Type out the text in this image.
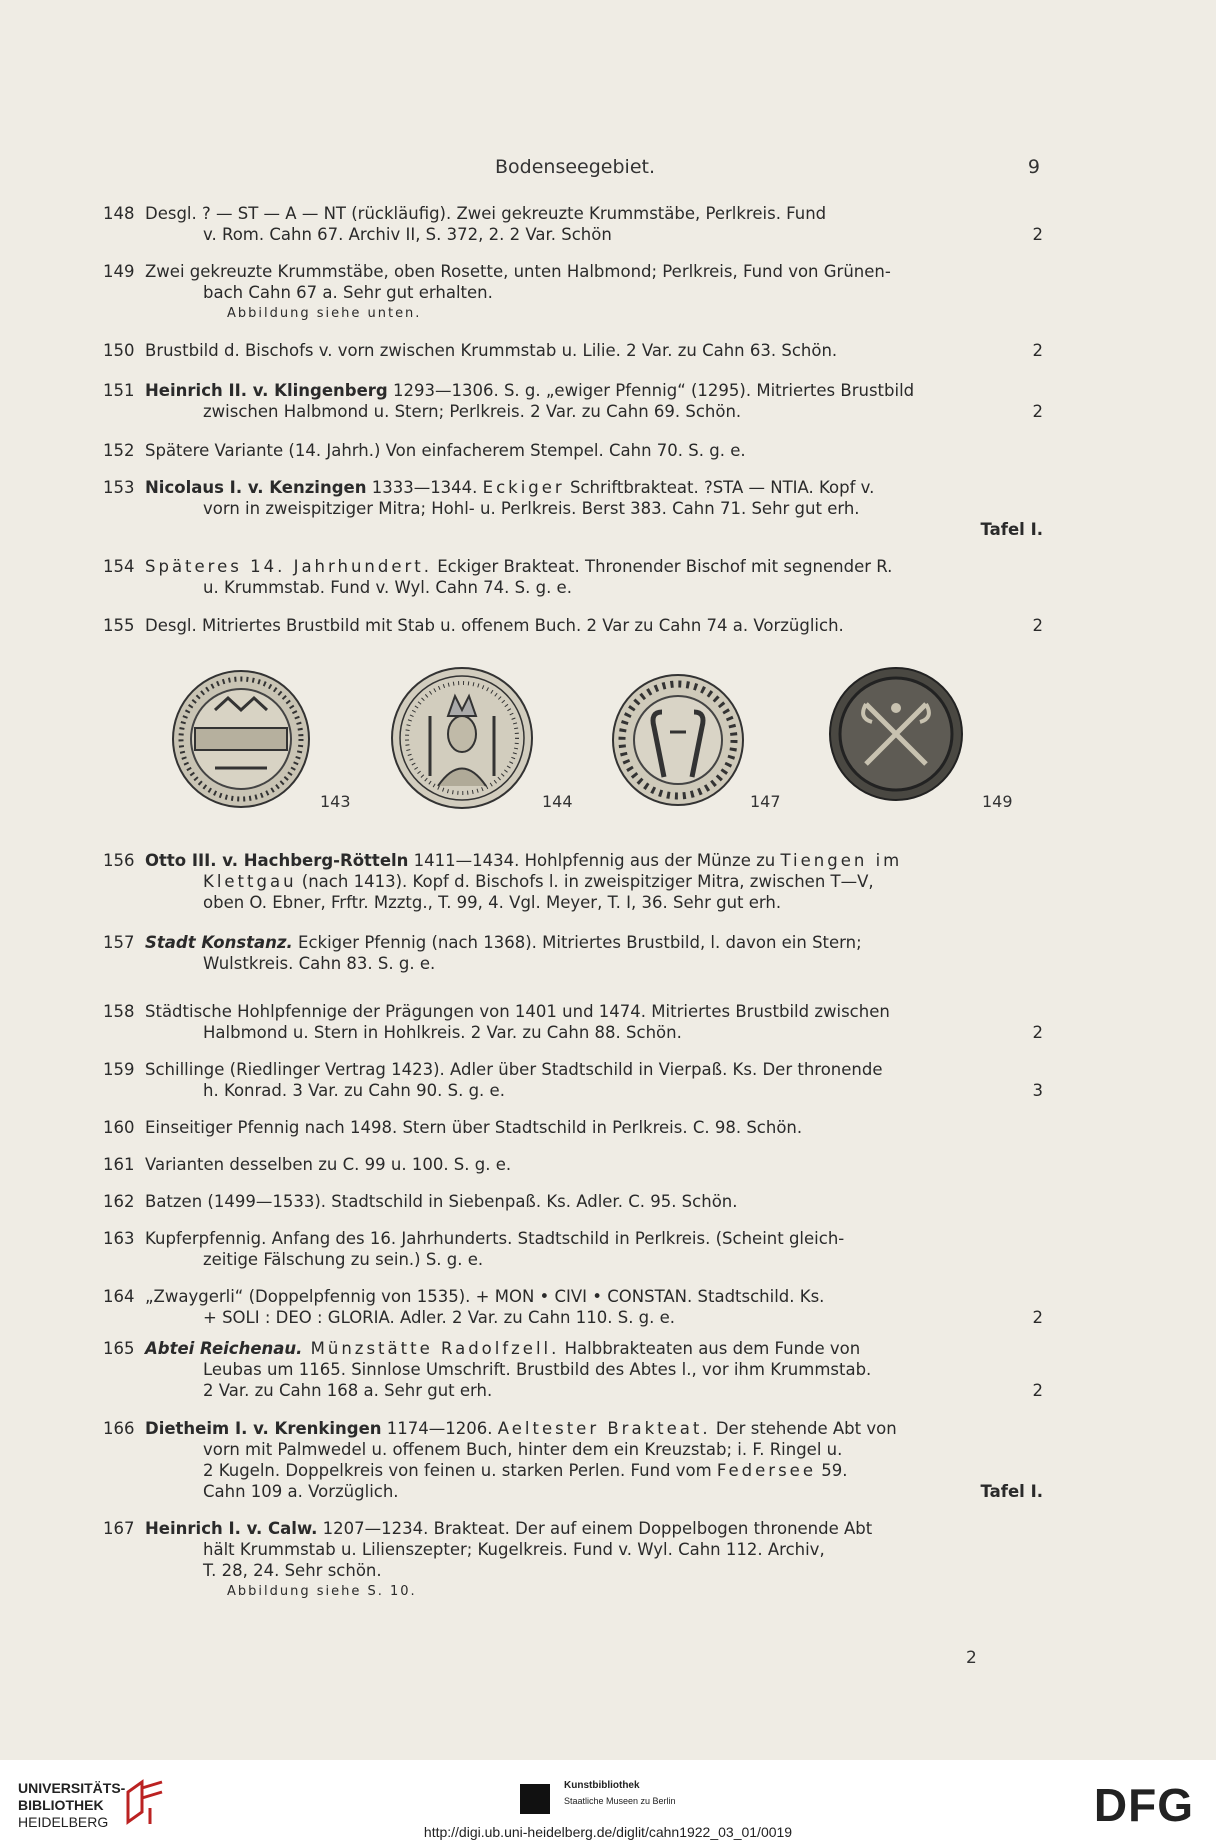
Bodenseegebiet.	9
151 Heinrich II. v. Klingenberg 1293—1306. S. g. „ewiger Pfennig“ (1295). Mitriertes Brustbild
zwischen Halbmond u. Stern; Perlkreis. 2 Var. zu Cahn 69. Schön.	2
152 Spätere Variante (14. Jahrh.) Von einfacherem Stempel. Cahn 70. S. g. e.
153 Nicolaus I. v. Kenzingen 1333—1344. Eckiger Schriftbrakteat. ?STA — NTIA. Kopf v.
vorn in zweispitziger Mitra; Hohl- u. Perlkreis. Berst 383. Cahn 71. Sehr gut erh.
Tafel I.
154 Späteres 14. Jahrhundert. Eckiger Brakteat. Thronender Bischof mit segnender R.
u. Krummstab. Fund v. Wyl. Cahn 74. S. g. e.
155 Desgl. Mitriertes Brustbild mit Stab u. offenem Buch. 2 Var zu Cahn 74 a. Vorzüglich.	2
143	144	147	149
156 Otto III. v. Hachberg-Rötteln 1411—1434. Hohlpfennig aus der Münze zu Tiengen im
Klettgau (nach 1413). Kopf d. Bischofs l. in zweispitziger Mitra, zwischen T—V,
oben O. Ebner, Frftr. Mzztg., T. 99, 4. Vgl. Meyer, T. I, 36. Sehr gut erh.
157 Stadt Konstanz. Eckiger Pfennig (nach 1368). Mitriertes Brustbild, l. davon ein Stern;
Wulstkreis. Cahn 83. S. g. e.
165 Abtei Reichenau. Münzstätte Radolfzell. Halbbrakteaten aus dem Funde von
Leubas um 1165. Sinnlose Umschrift. Brustbild des Abtes l., vor ihm Krummstab.
2 Var. zu Cahn 168 a. Sehr gut erh.	2
166 Dietheim I. v. Krenkingen 1174—1206. Aeltester Brakteat. Der stehende Abt von
vorn mit Palmwedel u. offenem Buch, hinter dem ein Kreuzstab; i. F. Ringel u.
2 Kugeln. Doppelkreis von feinen u. starken Perlen. Fund vom Federsee 59.
Cahn 109 a. Vorzüglich.	Tafel I.
167 Heinrich I. v. Calw. 1207—1234. Brakteat. Der auf einem Doppelbogen thronende Abt
hält Krummstab u. Lilienszepter; Kugelkreis. Fund v. Wyl. Cahn 112. Archiv,
T. 28, 24. Sehr schön.
Abbildung siehe S. 10.
2
148 Desgl. ? — ST — A — NT (rückläufig). Zwei gekreuzte Krummstäbe, Perlkreis. Fund
v. Rom. Cahn 67. Archiv II, S. 372, 2. 2 Var. Schön	2
149 Zwei gekreuzte Krummstäbe, oben Rosette, unten Halbmond; Perlkreis, Fund von Grünen-
bach Cahn 67 a. Sehr gut erhalten.
Abbildung siehe unten.
150 Brustbild d. Bischofs v. vorn zwischen Krummstab u. Lilie. 2 Var. zu Cahn 63. Schön.	2
158 Städtische Hohlpfennige der Prägungen von 1401 und 1474. Mitriertes Brustbild zwischen
Halbmond u. Stern in Hohlkreis. 2 Var. zu Cahn 88. Schön.	2
159 Schillinge (Riedlinger Vertrag 1423). Adler über Stadtschild in Vierpaß. Ks. Der thronende
h. Konrad. 3 Var. zu Cahn 90. S. g. e.	3
160 Einseitiger Pfennig nach 1498. Stern über Stadtschild in Perlkreis. C. 98. Schön.
161 Varianten desselben zu C. 99 u. 100. S. g. e.
162 Batzen (1499—1533). Stadtschild in Siebenpaß. Ks. Adler. C. 95. Schön.
163 Kupferpfennig. Anfang des 16. Jahrhunderts. Stadtschild in Perlkreis. (Scheint gleich-
zeitige Fälschung zu sein.) S. g. e.
164 „Zwaygerli“ (Doppelpfennig von 1535). + MON • CIVI • CONSTAN. Stadtschild. Ks.
+ SOLI : DEO : GLORIA. Adler. 2 Var. zu Cahn 110. S. g. e.	2
UNIVERSITÄTS-
BIBLIOTHEK
HEIDELBERG
Kunstbibliothek
Staatliche Museen zu Berlin	DFG
http://digi.ub.uni-heidelberg.de/diglit/cahn1922_03_01/0019
